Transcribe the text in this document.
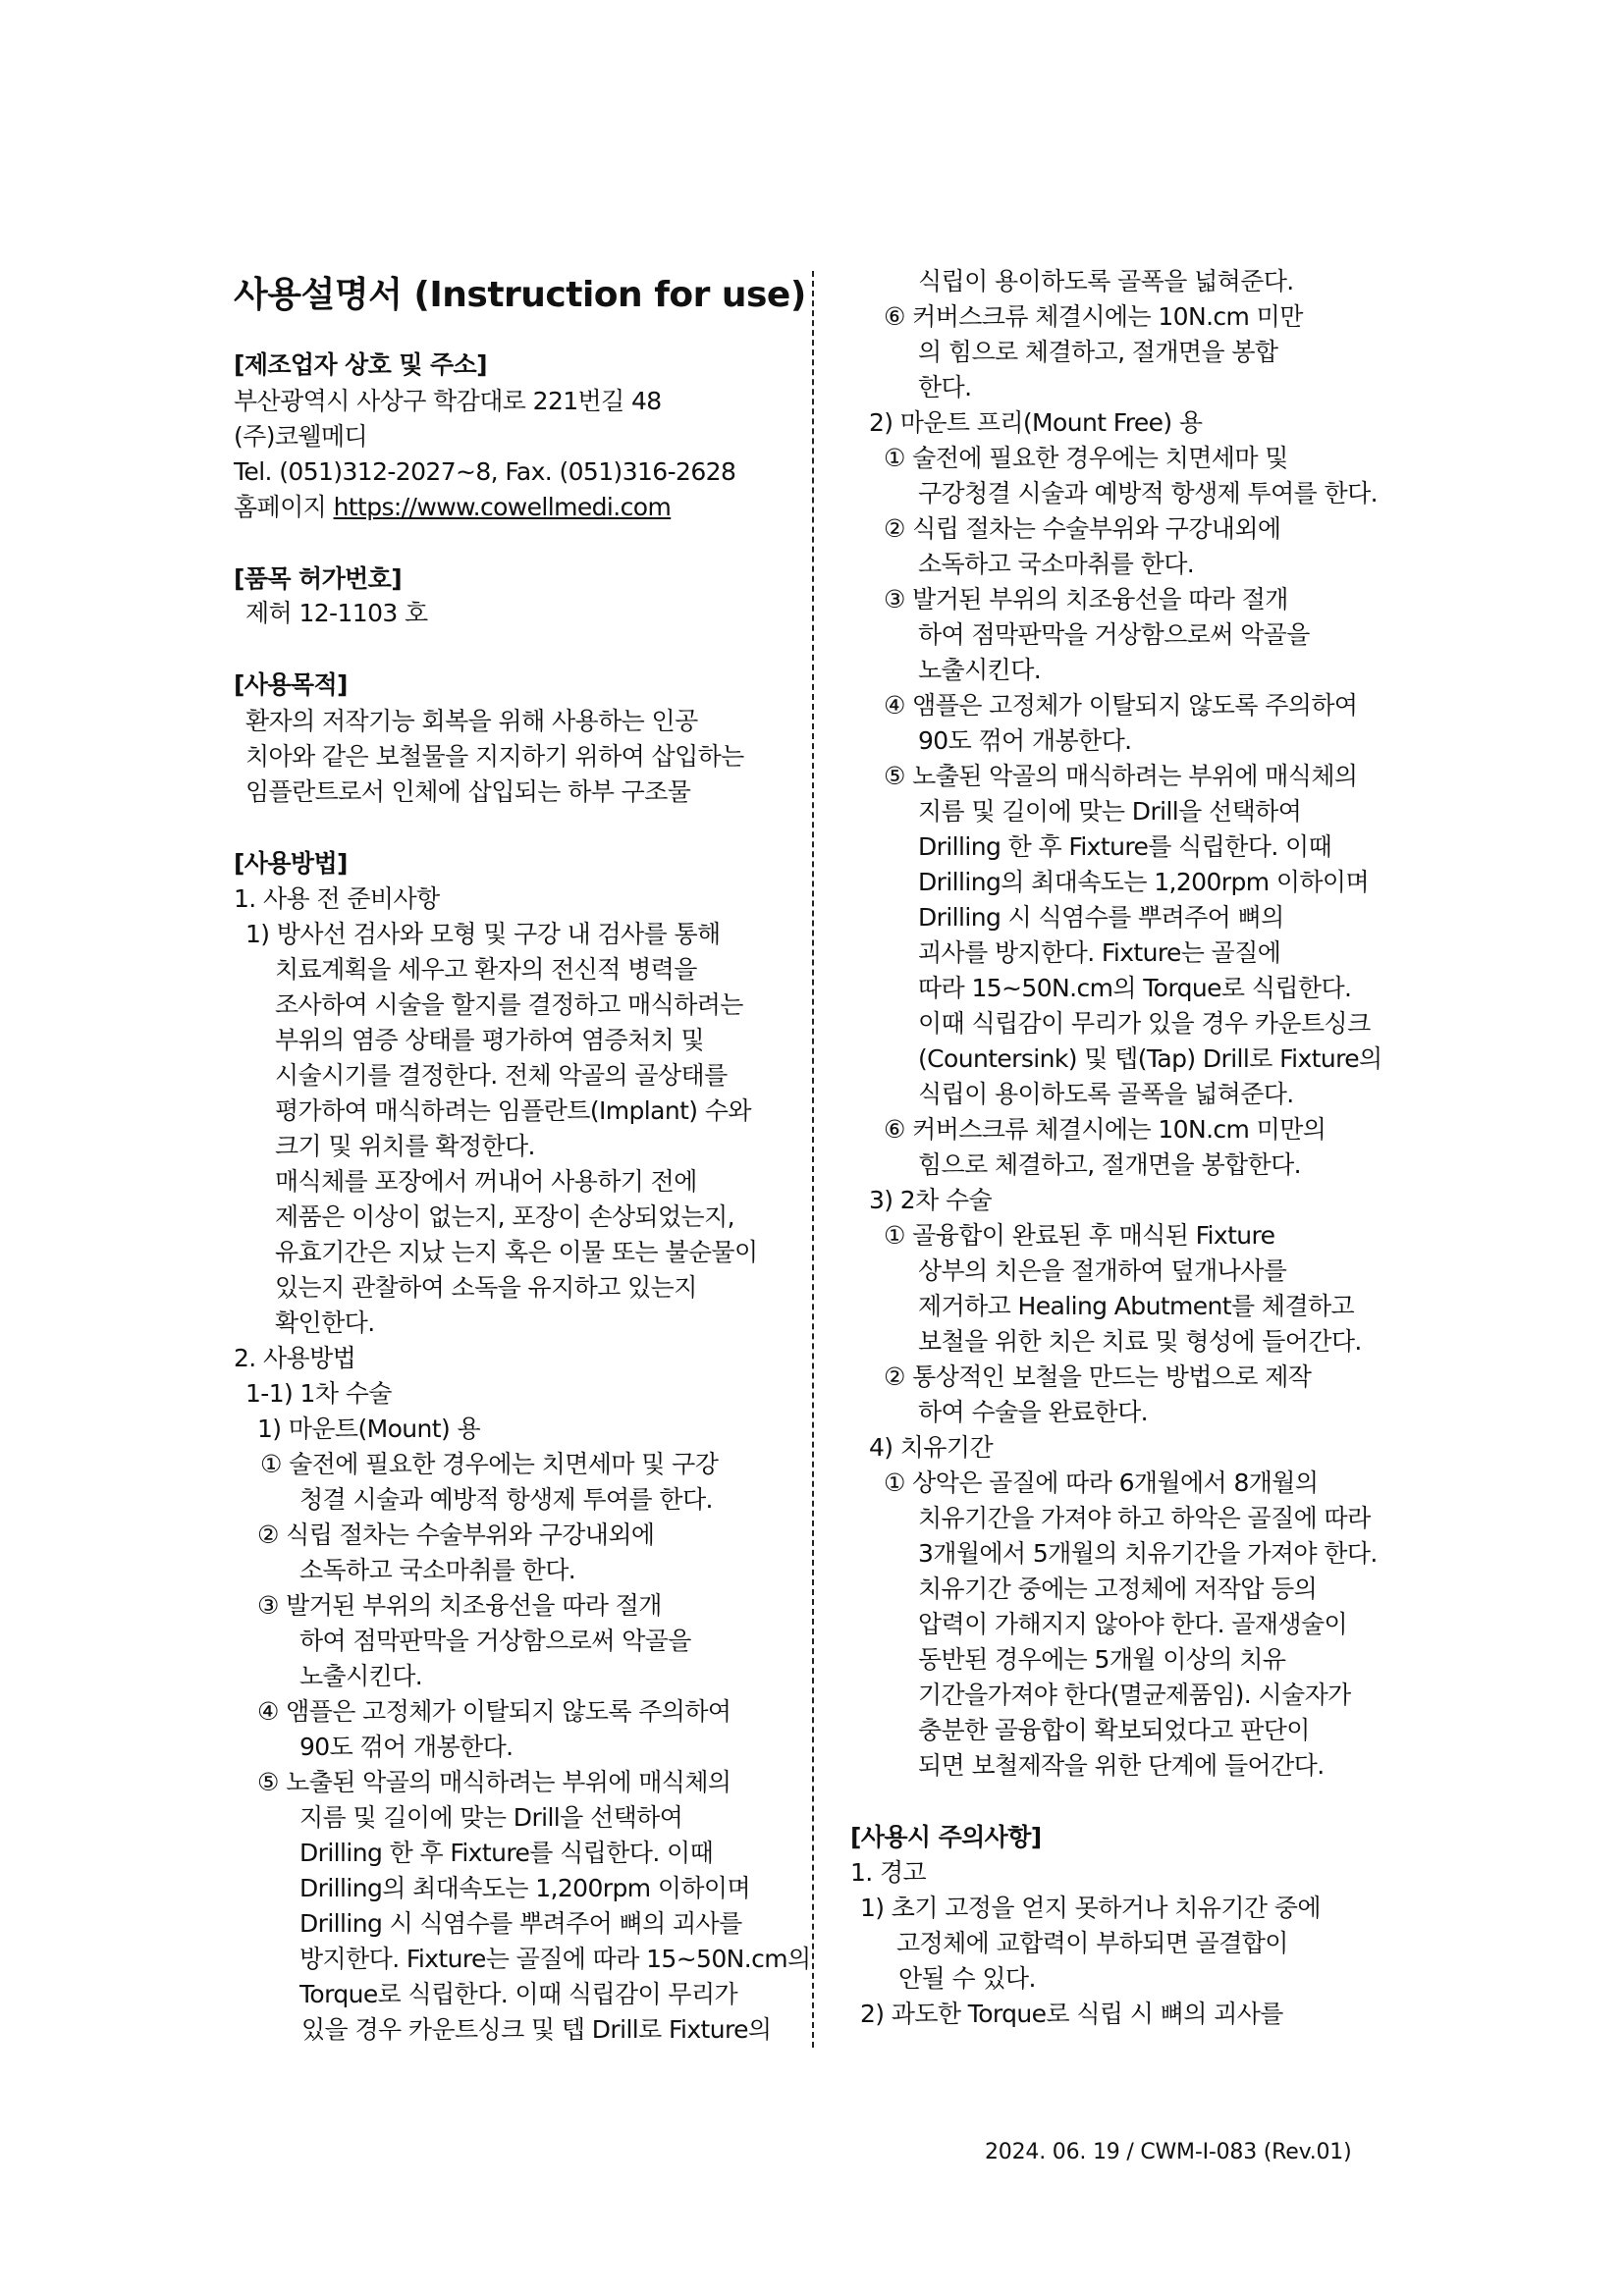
사용설명서 (Instruction for use)
[제조업자 상호 및 주소]
부산광역시 사상구 학감대로 221번길 48
(주)코웰메디
Tel. (051)312-2027~8, Fax. (051)316-2628
홈페이지 https://www.cowellmedi.com
[품목 허가번호]
제허 12-1103 호
[사용목적]
환자의 저작기능 회복을 위해 사용하는 인공
치아와 같은 보철물을 지지하기 위하여 삽입하는
임플란트로서 인체에 삽입되는 하부 구조물
[사용방법]
1. 사용 전 준비사항
1) 방사선 검사와 모형 및 구강 내 검사를 통해
치료계획을 세우고 환자의 전신적 병력을
조사하여 시술을 할지를 결정하고 매식하려는
부위의 염증 상태를 평가하여 염증처치 및
시술시기를 결정한다. 전체 악골의 골상태를
평가하여 매식하려는 임플란트(Implant) 수와
크기 및 위치를 확정한다.
매식체를 포장에서 꺼내어 사용하기 전에
제품은 이상이 없는지, 포장이 손상되었는지,
유효기간은 지났 는지 혹은 이물 또는 불순물이
있는지 관찰하여 소독을 유지하고 있는지
확인한다.
2. 사용방법
1-1) 1차 수술
1) 마운트(Mount) 용
① 술전에 필요한 경우에는 치면세마 및 구강
청결 시술과 예방적 항생제 투여를 한다.
② 식립 절차는 수술부위와 구강내외에
소독하고 국소마취를 한다.
③ 발거된 부위의 치조융선을 따라 절개
하여 점막판막을 거상함으로써 악골을
노출시킨다.
④ 앰플은 고정체가 이탈되지 않도록 주의하여
90도 꺾어 개봉한다.
⑤ 노출된 악골의 매식하려는 부위에 매식체의
지름 및 길이에 맞는 Drill을 선택하여
Drilling 한 후 Fixture를 식립한다. 이때
Drilling의 최대속도는 1,200rpm 이하이며
Drilling 시 식염수를 뿌려주어 뼈의 괴사를
방지한다. Fixture는 골질에 따라 15~50N.cm의
Torque로 식립한다. 이때 식립감이 무리가
있을 경우 카운트싱크 및 텝 Drill로 Fixture의
식립이 용이하도록 골폭을 넓혀준다.
⑥ 커버스크류 체결시에는 10N.cm 미만
의 힘으로 체결하고, 절개면을 봉합
한다.
2) 마운트 프리(Mount Free) 용
① 술전에 필요한 경우에는 치면세마 및
구강청결 시술과 예방적 항생제 투여를 한다.
② 식립 절차는 수술부위와 구강내외에
소독하고 국소마취를 한다.
③ 발거된 부위의 치조융선을 따라 절개
하여 점막판막을 거상함으로써 악골을
노출시킨다.
④ 앰플은 고정체가 이탈되지 않도록 주의하여
90도 꺾어 개봉한다.
⑤ 노출된 악골의 매식하려는 부위에 매식체의
지름 및 길이에 맞는 Drill을 선택하여
Drilling 한 후 Fixture를 식립한다. 이때
Drilling의 최대속도는 1,200rpm 이하이며
Drilling 시 식염수를 뿌려주어 뼈의
괴사를 방지한다. Fixture는 골질에
따라 15~50N.cm의 Torque로 식립한다.
이때 식립감이 무리가 있을 경우 카운트싱크
(Countersink) 및 텝(Tap) Drill로 Fixture의
식립이 용이하도록 골폭을 넓혀준다.
⑥ 커버스크류 체결시에는 10N.cm 미만의
힘으로 체결하고, 절개면을 봉합한다.
3) 2차 수술
① 골융합이 완료된 후 매식된 Fixture
상부의 치은을 절개하여 덮개나사를
제거하고 Healing Abutment를 체결하고
보철을 위한 치은 치료 및 형성에 들어간다.
② 통상적인 보철을 만드는 방법으로 제작
하여 수술을 완료한다.
4) 치유기간
① 상악은 골질에 따라 6개월에서 8개월의
치유기간을 가져야 하고 하악은 골질에 따라
3개월에서 5개월의 치유기간을 가져야 한다.
치유기간 중에는 고정체에 저작압 등의
압력이 가해지지 않아야 한다. 골재생술이
동반된 경우에는 5개월 이상의 치유
기간을가져야 한다(멸균제품임). 시술자가
충분한 골융합이 확보되었다고 판단이
되면 보철제작을 위한 단계에 들어간다.
[사용시 주의사항]
1. 경고
1) 초기 고정을 얻지 못하거나 치유기간 중에
고정체에 교합력이 부하되면 골결합이
안될 수 있다.
2) 과도한 Torque로 식립 시 뼈의 괴사를
2024. 06. 19 / CWM-I-083 (Rev.01)
